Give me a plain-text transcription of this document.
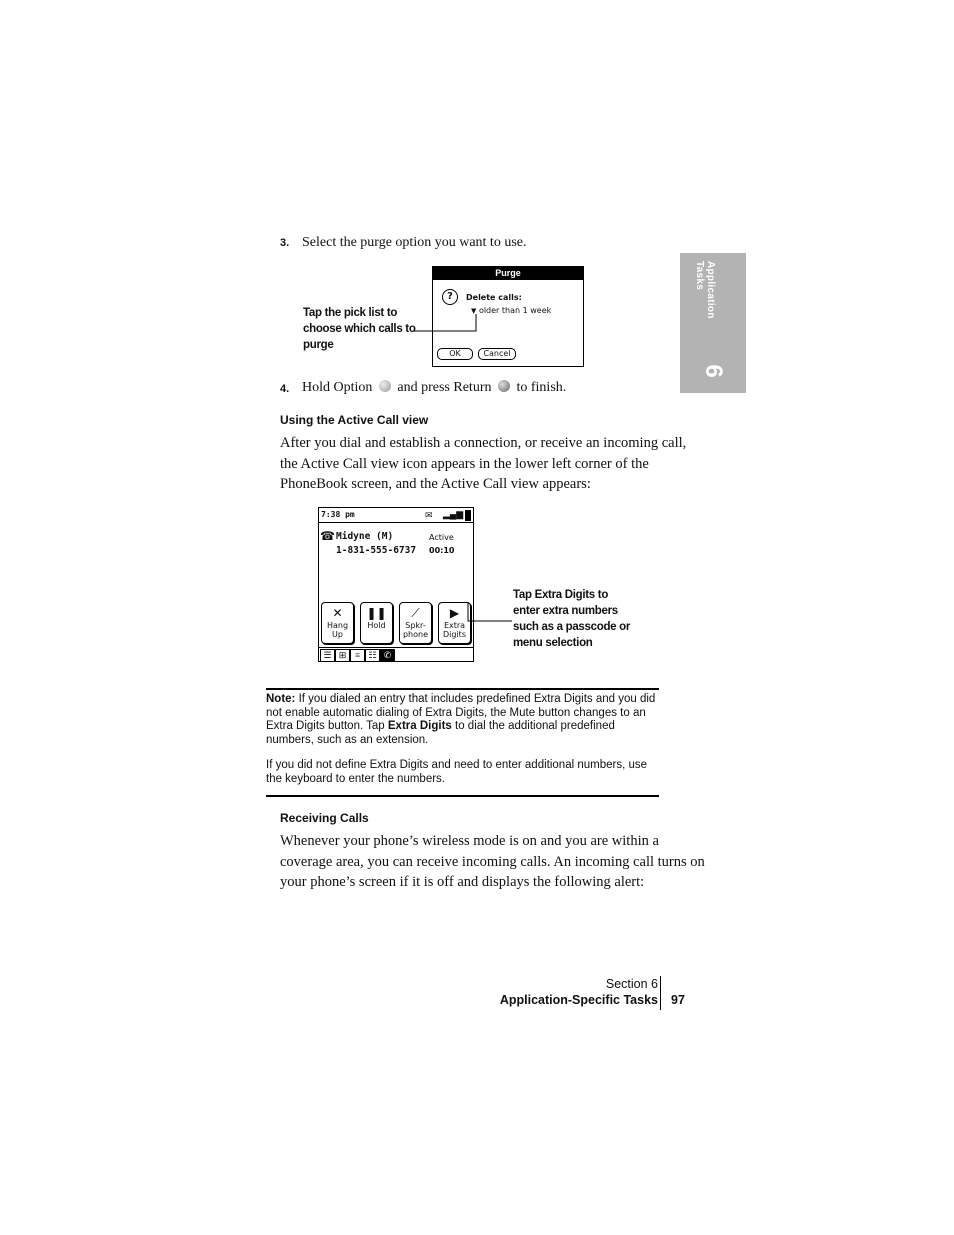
Application Tasks
6
3. Select the purge option you want to use.
Purge
?	Delete calls:
▼ older than 1 week
OK	Cancel
Tap the pick list to
choose which calls to
purge
4. Hold Option and press Return to finish.
Using the Active Call view
After you dial and establish a connection, or receive an incoming call,
the Active Call view icon appears in the lower left corner of the
PhoneBook screen, and the Active Call view appears:
7:38 pm	✉ ▂▄▆
☎ Midyne (M)
1-831-555-6737
Active
00:10
✕
Hang
Up
❚❚
Hold
⟋
Spkr-
phone
▶
Extra
Digits
☰ ⊞ ≡ ☷ ✆
Tap Extra Digits to
enter extra numbers
such as a passcode or
menu selection
Note: If you dialed an entry that includes predefined Extra Digits and you did not enable automatic dialing of Extra Digits, the Mute button changes to an Extra Digits button. Tap Extra Digits to dial the additional predefined numbers, such as an extension.
If you did not define Extra Digits and need to enter additional numbers, use the keyboard to enter the numbers.
Receiving Calls
Whenever your phone’s wireless mode is on and you are within a
coverage area, you can receive incoming calls. An incoming call turns on
your phone’s screen if it is off and displays the following alert:
Section 6
Application-Specific Tasks 97
